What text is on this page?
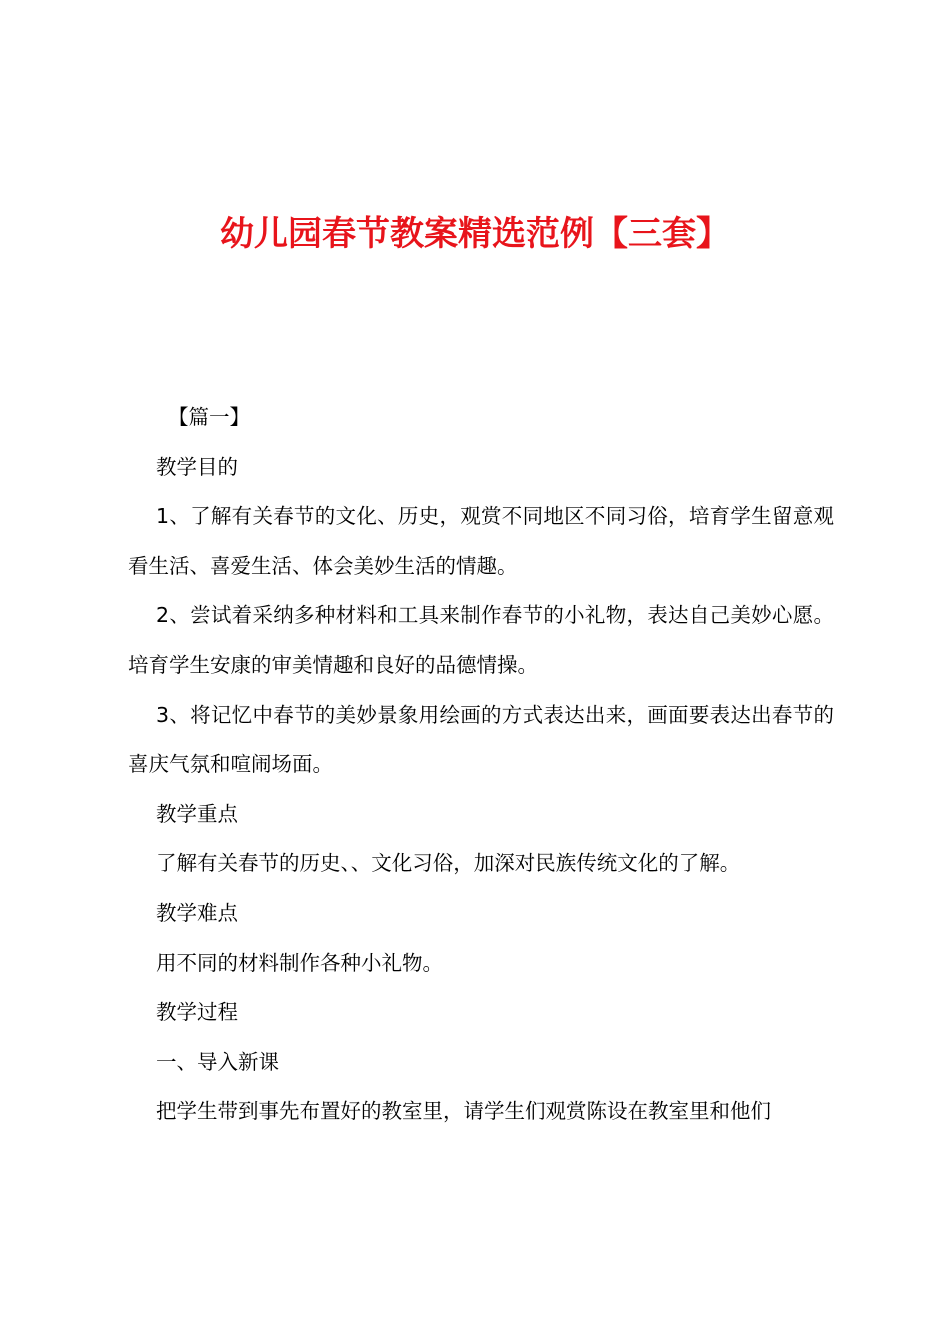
幼儿园春节教案精选范例【三套】

【篇一】

教学目的

1、了解有关春节的文化、历史，观赏不同地区不同习俗，培育学生留意观看生活、喜爱生活、体会美妙生活的情趣。

2、尝试着采纳多种材料和工具来制作春节的小礼物，表达自己美妙心愿。培育学生安康的审美情趣和良好的品德情操。

3、将记忆中春节的美妙景象用绘画的方式表达出来，画面要表达出春节的喜庆气氛和喧闹场面。

教学重点

了解有关春节的历史、、文化习俗，加深对民族传统文化的了解。

教学难点

用不同的材料制作各种小礼物。

教学过程

一、导入新课

把学生带到事先布置好的教室里，请学生们观赏陈设在教室里和他们
